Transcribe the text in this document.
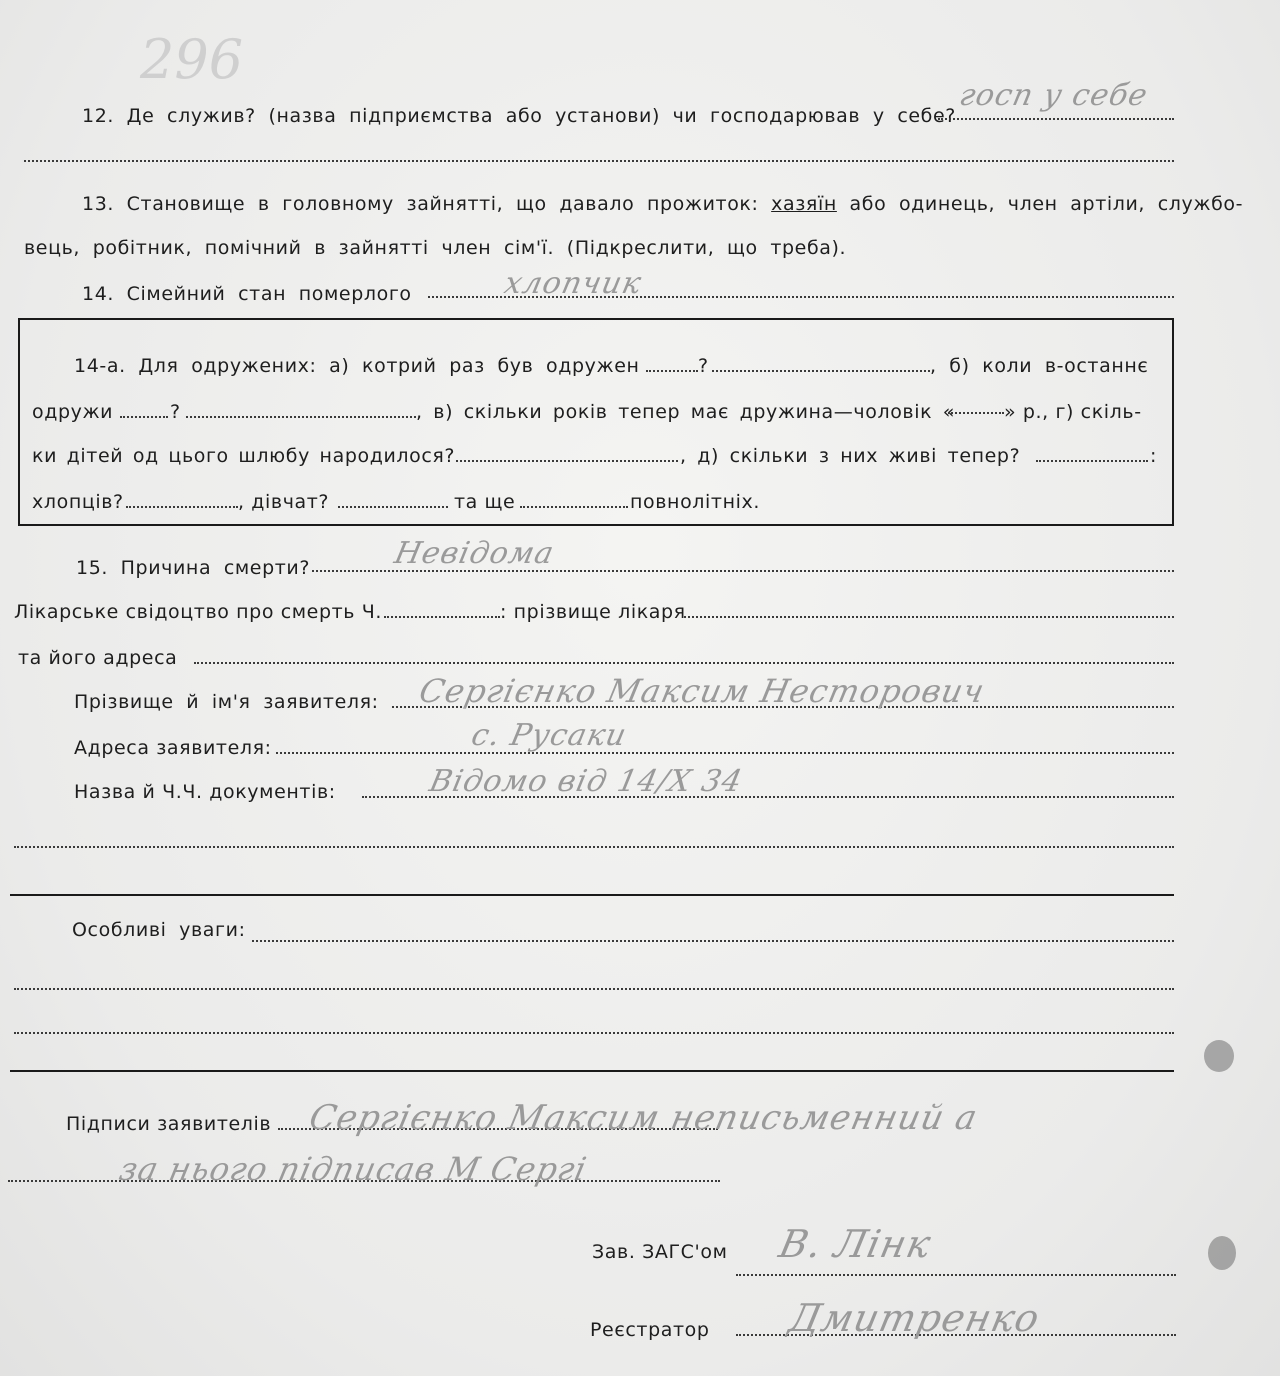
296
12. Де служив? (назва підприємства або установи) чи господарював у себе?
госп у себе
13. Становище в головному зайнятті, що давало прожиток: хазяїн або одинець, член артіли, службо-
вець, робітник, помічний в зайнятті член сім'ї. (Підкреслити, що треба).
14. Сімейний стан померлого	хлопчик
14-а. Для одружених: а) котрий раз був одружен	?	, б) коли в-останнє
одружи	?	, в) скільки років тепер має дружина—чоловік «	» р., г) скіль-
ки дітей од цього шлюбу народилося?	, д) скільки з них живі тепер?	:
хлопців?	, дівчат?	та ще	повнолітніх.
15. Причина смерти?	Невідома
Лікарське свідоцтво про смерть Ч.	: прізвище лікаря
та його адреса
Прізвище й ім'я заявителя: Сергієнко Максим Несторович
Адреса заявителя:	с. Русаки
Назва й Ч.Ч. документів:	Відомо від 14/X 34
Особливі уваги:
Підписи заявителів Сергієнко Максим неписьменний а
за нього підписав М Сергі
Зав. ЗАГС'ом В. Лінк
Реєстратор Дмитренко
